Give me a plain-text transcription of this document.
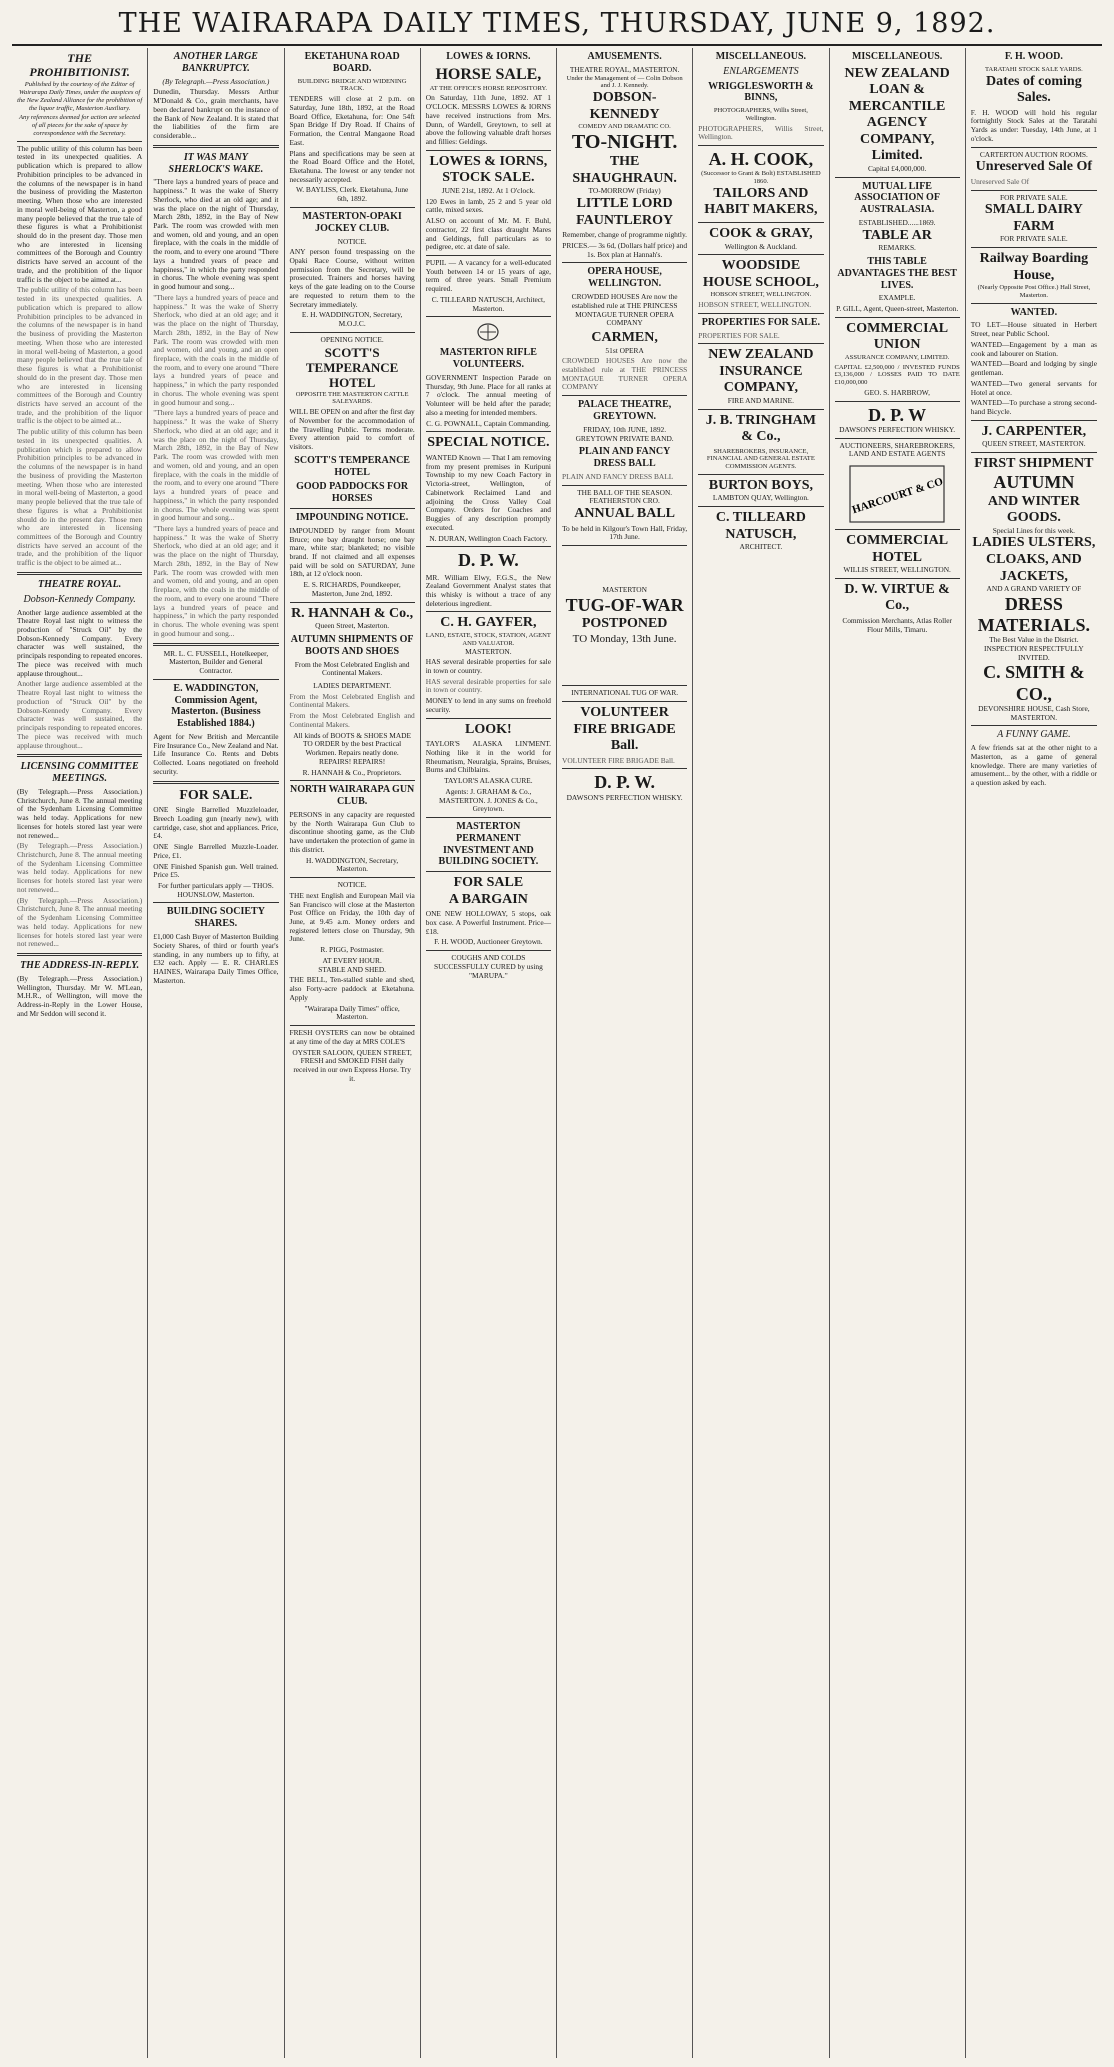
THE WAIRARAPA DAILY TIMES, THURSDAY, JUNE 9, 1892.
THE PROHIBITIONIST.

Published by the courtesy of the Editor of Wairarapa Daily Times, under the auspices of the New Zealand Alliance for the prohibition of the liquor traffic, Masterton Auxiliary.

Any references deemed for action are selected of all pieces for the sake of space by correspondence with the Secretary.

The public utility of this column has been tested in its unexpected qualities. A publication which is prepared to allow Prohibition principles to be advanced in the columns of the newspaper is in hand the business of providing the Masterton meeting. When those who are interested in moral well-being of Masterton, a good many people believed that the true tale of these figures is what a Prohibitionist should do in the present day. Those men who are interested in licensing committees of the Borough and Country districts have served an account of the trade, and the prohibition of the liquor traffic is the object to be aimed at...

The public utility of this column has been tested in its unexpected qualities. A publication which is prepared to allow Prohibition principles to be advanced in the columns of the newspaper is in hand the business of providing the Masterton meeting. When those who are interested in moral well-being of Masterton, a good many people believed that the true tale of these figures is what a Prohibitionist should do in the present day. Those men who are interested in licensing committees of the Borough and Country districts have served an account of the trade, and the prohibition of the liquor traffic is the object to be aimed at...

The public utility of this column has been tested in its unexpected qualities. A publication which is prepared to allow Prohibition principles to be advanced in the columns of the newspaper is in hand the business of providing the Masterton meeting. When those who are interested in moral well-being of Masterton, a good many people believed that the true tale of these figures is what a Prohibitionist should do in the present day. Those men who are interested in licensing committees of the Borough and Country districts have served an account of the trade, and the prohibition of the liquor traffic is the object to be aimed at...

THEATRE ROYAL.
Dobson-Kennedy Company.

Another large audience assembled at the Theatre Royal last night to witness the production of "Struck Oil" by the Dobson-Kennedy Company. Every character was well sustained, the principals responding to repeated encores. The piece was received with much applause throughout...

Another large audience assembled at the Theatre Royal last night to witness the production of "Struck Oil" by the Dobson-Kennedy Company. Every character was well sustained, the principals responding to repeated encores. The piece was received with much applause throughout...

LICENSING COMMITTEE MEETINGS.

(By Telegraph.—Press Association.) Christchurch, June 8. The annual meeting of the Sydenham Licensing Committee was held today. Applications for new licenses for hotels stored last year were not renewed...

(By Telegraph.—Press Association.) Christchurch, June 8. The annual meeting of the Sydenham Licensing Committee was held today. Applications for new licenses for hotels stored last year were not renewed...

(By Telegraph.—Press Association.) Christchurch, June 8. The annual meeting of the Sydenham Licensing Committee was held today. Applications for new licenses for hotels stored last year were not renewed...

THE ADDRESS-IN-REPLY.

(By Telegraph.—Press Association.) Wellington, Thursday. Mr W. M'Lean, M.H.R., of Wellington, will move the Address-in-Reply in the Lower House, and Mr Seddon will second it.

ANOTHER LARGE BANKRUPTCY.

(By Telegraph.—Press Association.)

Dunedin, Thursday. Messrs Arthur M'Donald & Co., grain merchants, have been declared bankrupt on the instance of the Bank of New Zealand. It is stated that the liabilities of the firm are considerable...

IT WAS MANY SHERLOCK'S WAKE.

"There lays a hundred years of peace and happiness." It was the wake of Sherry Sherlock, who died at an old age; and it was the place on the night of Thursday, March 28th, 1892, in the Bay of New Park. The room was crowded with men and women, old and young, and an open fireplace, with the coals in the middle of the room, and to every one around "There lays a hundred years of peace and happiness," in which the party responded in chorus. The whole evening was spent in good humour and song...

"There lays a hundred years of peace and happiness." It was the wake of Sherry Sherlock, who died at an old age; and it was the place on the night of Thursday, March 28th, 1892, in the Bay of New Park. The room was crowded with men and women, old and young, and an open fireplace, with the coals in the middle of the room, and to every one around "There lays a hundred years of peace and happiness," in which the party responded in chorus. The whole evening was spent in good humour and song...

"There lays a hundred years of peace and happiness." It was the wake of Sherry Sherlock, who died at an old age; and it was the place on the night of Thursday, March 28th, 1892, in the Bay of New Park. The room was crowded with men and women, old and young, and an open fireplace, with the coals in the middle of the room, and to every one around "There lays a hundred years of peace and happiness," in which the party responded in chorus. The whole evening was spent in good humour and song...

"There lays a hundred years of peace and happiness." It was the wake of Sherry Sherlock, who died at an old age; and it was the place on the night of Thursday, March 28th, 1892, in the Bay of New Park. The room was crowded with men and women, old and young, and an open fireplace, with the coals in the middle of the room, and to every one around "There lays a hundred years of peace and happiness," in which the party responded in chorus. The whole evening was spent in good humour and song...

MR. L. C. FUSSELL, Hotelkeeper, Masterton, Builder and General Contractor.

E. WADDINGTON, Commission Agent, Masterton. (Business Established 1884.)

Agent for New British and Mercantile Fire Insurance Co., New Zealand and Nat. Life Insurance Co. Rents and Debts Collected. Loans negotiated on freehold security.

FOR SALE.

ONE Single Barrelled Muzzleloader, Breech Loading gun (nearly new), with cartridge, case, shot and appliances. Price, £4.

ONE Single Barrelled Muzzle-Loader. Price, £1.

ONE Finished Spanish gun. Well trained. Price £5.

For further particulars apply — THOS. HOUNSLOW, Masterton.

BUILDING SOCIETY SHARES.

£1,000 Cash Buyer of Masterton Building Society Shares, of third or fourth year's standing, in any numbers up to fifty, at £32 each. Apply — E. R. CHARLES HAINES, Wairarapa Daily Times Office, Masterton.

EKETAHUNA ROAD BOARD.
BUILDING BRIDGE AND WIDENING TRACK.

TENDERS will close at 2 p.m. on Saturday, June 18th, 1892, at the Road Board Office, Eketahuna, for: One 54ft Span Bridge If Dry Road. If Chains of Formation, the Central Mangaone Road East.

Plans and specifications may be seen at the Road Board Office and the Hotel, Eketahuna. The lowest or any tender not necessarily accepted.

W. BAYLISS, Clerk. Eketahuna, June 6th, 1892.

MASTERTON-OPAKI JOCKEY CLUB.
NOTICE.

ANY person found trespassing on the Opaki Race Course, without written permission from the Secretary, will be prosecuted. Trainers and horses having keys of the gate leading on to the Course are requested to return them to the Secretary immediately.

E. H. WADDINGTON, Secretary, M.O.J.C.

OPENING NOTICE.
SCOTT'S TEMPERANCE HOTEL
OPPOSITE THE MASTERTON CATTLE SALEYARDS.

WILL BE OPEN on and after the first day of November for the accommodation of the Travelling Public. Terms moderate. Every attention paid to comfort of visitors.

SCOTT'S TEMPERANCE HOTEL
GOOD PADDOCKS FOR HORSES
IMPOUNDING NOTICE.

IMPOUNDED by ranger from Mount Bruce; one bay draught horse; one bay mare, white star; blanketed; no visible brand. If not claimed and all expenses paid will be sold on SATURDAY, June 18th, at 12 o'clock noon.

E. S. RICHARDS, Poundkeeper, Masterton, June 2nd, 1892.

R. HANNAH & Co.,
Queen Street, Masterton.
AUTUMN SHIPMENTS OF BOOTS AND SHOES
From the Most Celebrated English and Continental Makers.
LADIES DEPARTMENT.

From the Most Celebrated English and Continental Makers.

From the Most Celebrated English and Continental Makers.

All kinds of BOOTS & SHOES MADE TO ORDER by the best Practical Workmen. Repairs neatly done. REPAIRS! REPAIRS!

R. HANNAH & Co., Proprietors.

NORTH WAIRARAPA GUN CLUB.

PERSONS in any capacity are requested by the North Wairarapa Gun Club to discontinue shooting game, as the Club have undertaken the protection of game in this district.

H. WADDINGTON, Secretary, Masterton.

NOTICE.

THE next English and European Mail via San Francisco will close at the Masterton Post Office on Friday, the 10th day of June, at 9.45 a.m. Money orders and registered letters close on Thursday, 9th June.

R. PIGG, Postmaster.

AT EVERY HOUR.
STABLE AND SHED.

THE BELL, Ten-stalled stable and shed, also Forty-acre paddock at Eketahuna. Apply

"Wairarapa Daily Times" office, Masterton.

FRESH OYSTERS can now be obtained at any time of the day at MRS COLE'S

OYSTER SALOON, QUEEN STREET, FRESH and SMOKED FISH daily received in our own Express Horse. Try it.

LOWES & IORNS.
HORSE SALE,
AT THE OFFICE'S HORSE REPOSITORY.

On Saturday, 11th June, 1892. AT 1 O'CLOCK. MESSRS LOWES & IORNS have received instructions from Mrs. Dunn, of Wardell, Greytown, to sell at above the following valuable draft horses and fillies: Geldings.

LOWES & IORNS, STOCK SALE.
JUNE 21st, 1892. At 1 O'clock.

120 Ewes in lamb, 25 2 and 5 year old cattle, mixed sexes.

ALSO on account of Mr. M. F. Buhl, contractor, 22 first class draught Mares and Geldings, full particulars as to pedigree, etc. at date of sale.

PUPIL — A vacancy for a well-educated Youth between 14 or 15 years of age, term of three years. Small Premium required.

C. TILLEARD NATUSCH, Architect, Masterton.

MASTERTON RIFLE VOLUNTEERS.

GOVERNMENT Inspection Parade on Thursday, 9th June. Place for all ranks at 7 o'clock. The annual meeting of Volunteer will be held after the parade; also a meeting for intended members.

C. G. POWNALL, Captain Commanding.

SPECIAL NOTICE.

WANTED Known — That I am removing from my present premises in Kuripuni Township to my new Coach Factory in Victoria-street, Wellington, of Cabinetwork Reclaimed Land and adjoining the Cross Valley Coal Company. Orders for Coaches and Buggies of any description promptly executed.

N. DURAN, Wellington Coach Factory.

D. P. W.

MR. William Elwy, F.G.S., the New Zealand Government Analyst states that this whisky is without a trace of any deleterious ingredient.

C. H. GAYFER,
LAND, ESTATE, STOCK, STATION, AGENT AND VALUATOR.
MASTERTON.

HAS several desirable properties for sale in town or country.

HAS several desirable properties for sale in town or country.

MONEY to lend in any sums on freehold security.

LOOK!

TAYLOR'S ALASKA LIN'MENT. Nothing like it in the world for Rheumatism, Neuralgia, Sprains, Bruises, Burns and Chilblains.

TAYLOR'S ALASKA CURE.

Agents: J. GRAHAM & Co., MASTERTON. J. JONES & Co., Greytown.

MASTERTON PERMANENT INVESTMENT AND BUILDING SOCIETY.
FOR SALE
A BARGAIN

ONE NEW HOLLOWAY, 5 stops, oak box case. A Powerful Instrument. Price—£18.

F. H. WOOD, Auctioneer Greytown.

COUGHS AND COLDS SUCCESSFULLY CURED by using "MARUPA."

AMUSEMENTS.
THEATRE ROYAL, MASTERTON.
Under the Management of — Colin Dobson and J. J. Kennedy.
DOBSON-KENNEDY
COMEDY AND DRAMATIC CO.
TO-NIGHT.
THE SHAUGHRAUN.
TO-MORROW (Friday)
LITTLE LORD FAUNTLEROY

Remember, change of programme nightly.

PRICES.— 3s 6d, (Dollars half price) and 1s. Box plan at Hannah's.

OPERA HOUSE, WELLINGTON.

CROWDED HOUSES Are now the established rule at THE PRINCESS MONTAGUE TURNER OPERA COMPANY

CARMEN,
51st OPERA

CROWDED HOUSES Are now the established rule at THE PRINCESS MONTAGUE TURNER OPERA COMPANY

PALACE THEATRE, GREYTOWN.
FRIDAY, 10th JUNE, 1892.
GREYTOWN PRIVATE BAND.
PLAIN AND FANCY DRESS BALL

PLAIN AND FANCY DRESS BALL

THE BALL OF THE SEASON. FEATHERSTON CRO.
ANNUAL BALL

To be held in Kilgour's Town Hall, Friday, 17th June.

MASTERTON
TUG-OF-WAR
POSTPONED
TO Monday, 13th June.
INTERNATIONAL TUG OF WAR.
VOLUNTEER FIRE BRIGADE Ball.

VOLUNTEER FIRE BRIGADE Ball.

D. P. W.
DAWSON'S PERFECTION WHISKY.
MISCELLANEOUS.
ENLARGEMENTS
WRIGGLESWORTH & BINNS,
PHOTOGRAPHERS, Willis Street, Wellington.

PHOTOGRAPHERS, Willis Street, Wellington.

A. H. COOK,
(Successor to Grant & Bolt) ESTABLISHED 1860.
TAILORS AND HABIT MAKERS,
COOK & GRAY,
Wellington & Auckland.
WOODSIDE HOUSE SCHOOL,
HOBSON STREET, WELLINGTON.

HOBSON STREET, WELLINGTON.

PROPERTIES FOR SALE.

PROPERTIES FOR SALE.

NEW ZEALAND INSURANCE COMPANY,
FIRE AND MARINE.
J. B. TRINGHAM & Co.,

SHAREBROKERS, INSURANCE, FINANCIAL AND GENERAL ESTATE COMMISSION AGENTS.

BURTON BOYS,
LAMBTON QUAY, Wellington.
C. TILLEARD NATUSCH,
ARCHITECT.
MISCELLANEOUS.
NEW ZEALAND LOAN & MERCANTILE AGENCY COMPANY, Limited.
Capital £4,000,000.
MUTUAL LIFE ASSOCIATION OF AUSTRALASIA.
ESTABLISHED......1869.
TABLE AR
REMARKS.
THIS TABLE ADVANTAGES THE BEST LIVES.
EXAMPLE.

P. GILL, Agent, Queen-street, Masterton.

COMMERCIAL UNION
ASSURANCE COMPANY, LIMITED.

CAPITAL £2,500,000 / INVESTED FUNDS £3,136,000 / LOSSES PAID TO DATE £10,000,000

GEO. S. HARBROW,

D. P. W
DAWSON'S PERFECTION WHISKY.
AUCTIONEERS, SHAREBROKERS, LAND AND ESTATE AGENTS
HARCOURT & CO
COMMERCIAL HOTEL
WILLIS STREET, WELLINGTON.
D. W. VIRTUE & Co.,

Commission Merchants, Atlas Roller Flour Mills, Timaru.

F. H. WOOD.
TARATAHI STOCK SALE YARDS.
Dates of coming Sales.

F. H. WOOD will hold his regular fortnightly Stock Sales at the Taratahi Yards as under: Tuesday, 14th June, at 1 o'clock.

CARTERTON AUCTION ROOMS.
Unreserved Sale Of

Unreserved Sale Of

FOR PRIVATE SALE.
SMALL DAIRY FARM
FOR PRIVATE SALE.
Railway Boarding House,
(Nearly Opposite Post Office.) Hall Street, Masterton.
WANTED.

TO LET—House situated in Herbert Street, near Public School.

WANTED—Engagement by a man as cook and labourer on Station.

WANTED—Board and lodging by single gentleman.

WANTED—Two general servants for Hotel at once.

WANTED—To purchase a strong second-hand Bicycle.

J. CARPENTER,
QUEEN STREET, MASTERTON.
FIRST SHIPMENT
AUTUMN
AND WINTER GOODS.
Special Lines for this week.
LADIES ULSTERS, CLOAKS, AND JACKETS,
AND A GRAND VARIETY OF
DRESS MATERIALS.
The Best Value in the District.
INSPECTION RESPECTFULLY INVITED.
C. SMITH & CO.,
DEVONSHIRE HOUSE, Cash Store, MASTERTON.
A FUNNY GAME.

A few friends sat at the other night to a Masterton, as a game of general knowledge. There are many varieties of amusement... by the other, with a riddle or a question asked by each.
